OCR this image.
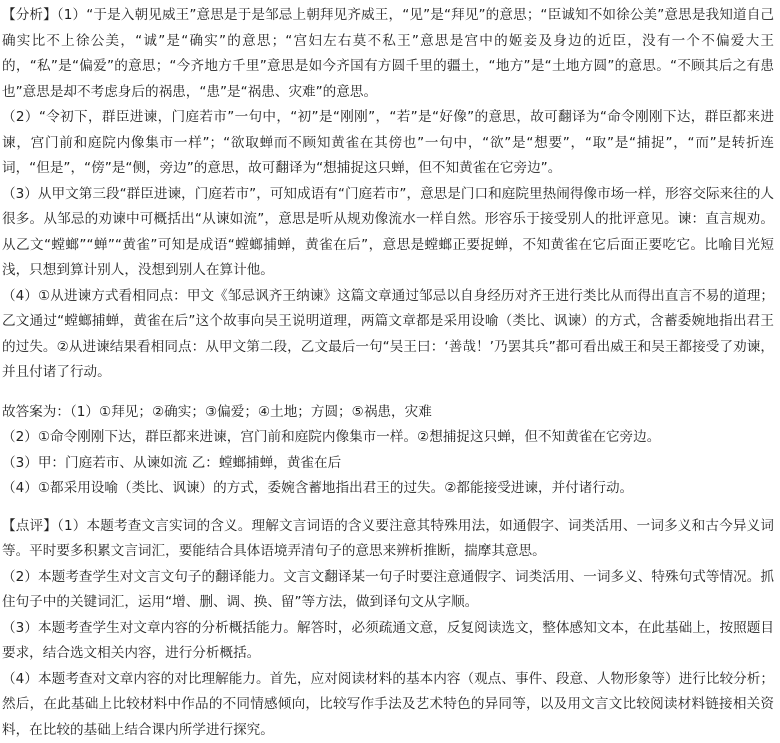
【分析】（1）“于是入朝见威王”意思是于是邹忌上朝拜见齐威王，“见”是“拜见”的意思；“臣诚知不如徐公美”意思是我知道自己确实比不上徐公美，“诚”是“确实”的意思；“宫妇左右莫不私王”意思是宫中的姬妾及身边的近臣，没有一个不偏爱大王的，“私”是“偏爱”的意思；“今齐地方千里”意思是如今齐国有方圆千里的疆土，“地方”是“土地方圆”的意思。“不顾其后之有患也”意思是却不考虑身后的祸患，“患”是“祸患、灾难”的意思。

（2）“令初下，群臣进谏，门庭若市”一句中，“初”是“刚刚”，“若”是“好像”的意思，故可翻译为“命令刚刚下达，群臣都来进谏，宫门前和庭院内像集市一样”；“欲取蝉而不顾知黄雀在其傍也”一句中，“欲”是“想要”，“取”是“捕捉”，“而”是转折连词，“但是”，“傍”是“侧，旁边”的意思，故可翻译为“想捕捉这只蝉，但不知黄雀在它旁边”。

（3）从甲文第三段“群臣进谏，门庭若市”，可知成语有“门庭若市”，意思是门口和庭院里热闹得像市场一样，形容交际来往的人很多。从邹忌的劝谏中可概括出“从谏如流”，意思是听从规劝像流水一样自然。形容乐于接受别人的批评意见。谏：直言规劝。从乙文“螳螂”“蝉”“黄雀”可知是成语“螳螂捕蝉，黄雀在后”，意思是螳螂正要捉蝉，不知黄雀在它后面正要吃它。比喻目光短浅，只想到算计别人，没想到别人在算计他。

（4）①从进谏方式看相同点：甲文《邹忌讽齐王纳谏》这篇文章通过邹忌以自身经历对齐王进行类比从而得出直言不易的道理；乙文通过“螳螂捕蝉，黄雀在后”这个故事向吴王说明道理，两篇文章都是采用设喻（类比、讽谏）的方式，含蓄委婉地指出君王的过失。②从进谏结果看相同点：从甲文第二段，乙文最后一句“吴王曰：‘善哉！’乃罢其兵”都可看出威王和吴王都接受了劝谏，并且付诸了行动。

故答案为：（1）①拜见；②确实；③偏爱；④土地；方圆；⑤祸患，灾难

（2）①命令刚刚下达，群臣都来进谏，宫门前和庭院内像集市一样。②想捕捉这只蝉，但不知黄雀在它旁边。

（3）甲：门庭若市、从谏如流 乙：螳螂捕蝉，黄雀在后

（4）①都采用设喻（类比、讽谏）的方式，委婉含蓄地指出君王的过失。②都能接受进谏，并付诸行动。

【点评】（1）本题考查文言实词的含义。理解文言词语的含义要注意其特殊用法，如通假字、词类活用、一词多义和古今异义词等。平时要多积累文言词汇，要能结合具体语境弄清句子的意思来辨析推断，揣摩其意思。

（2）本题考查学生对文言文句子的翻译能力。文言文翻译某一句子时要注意通假字、词类活用、一词多义、特殊句式等情况。抓住句子中的关键词汇，运用“增、删、调、换、留”等方法，做到译句文从字顺。

（3）本题考查学生对文章内容的分析概括能力。解答时，必须疏通文意，反复阅读选文，整体感知文本，在此基础上，按照题目要求，结合选文相关内容，进行分析概括。

（4）本题考查对文章内容的对比理解能力。首先，应对阅读材料的基本内容（观点、事件、段意、人物形象等）进行比较分析；然后，在此基础上比较材料中作品的不同情感倾向，比较写作手法及艺术特色的异同等，以及用文言文比较阅读材料链接相关资料，在比较的基础上结合课内所学进行探究。
